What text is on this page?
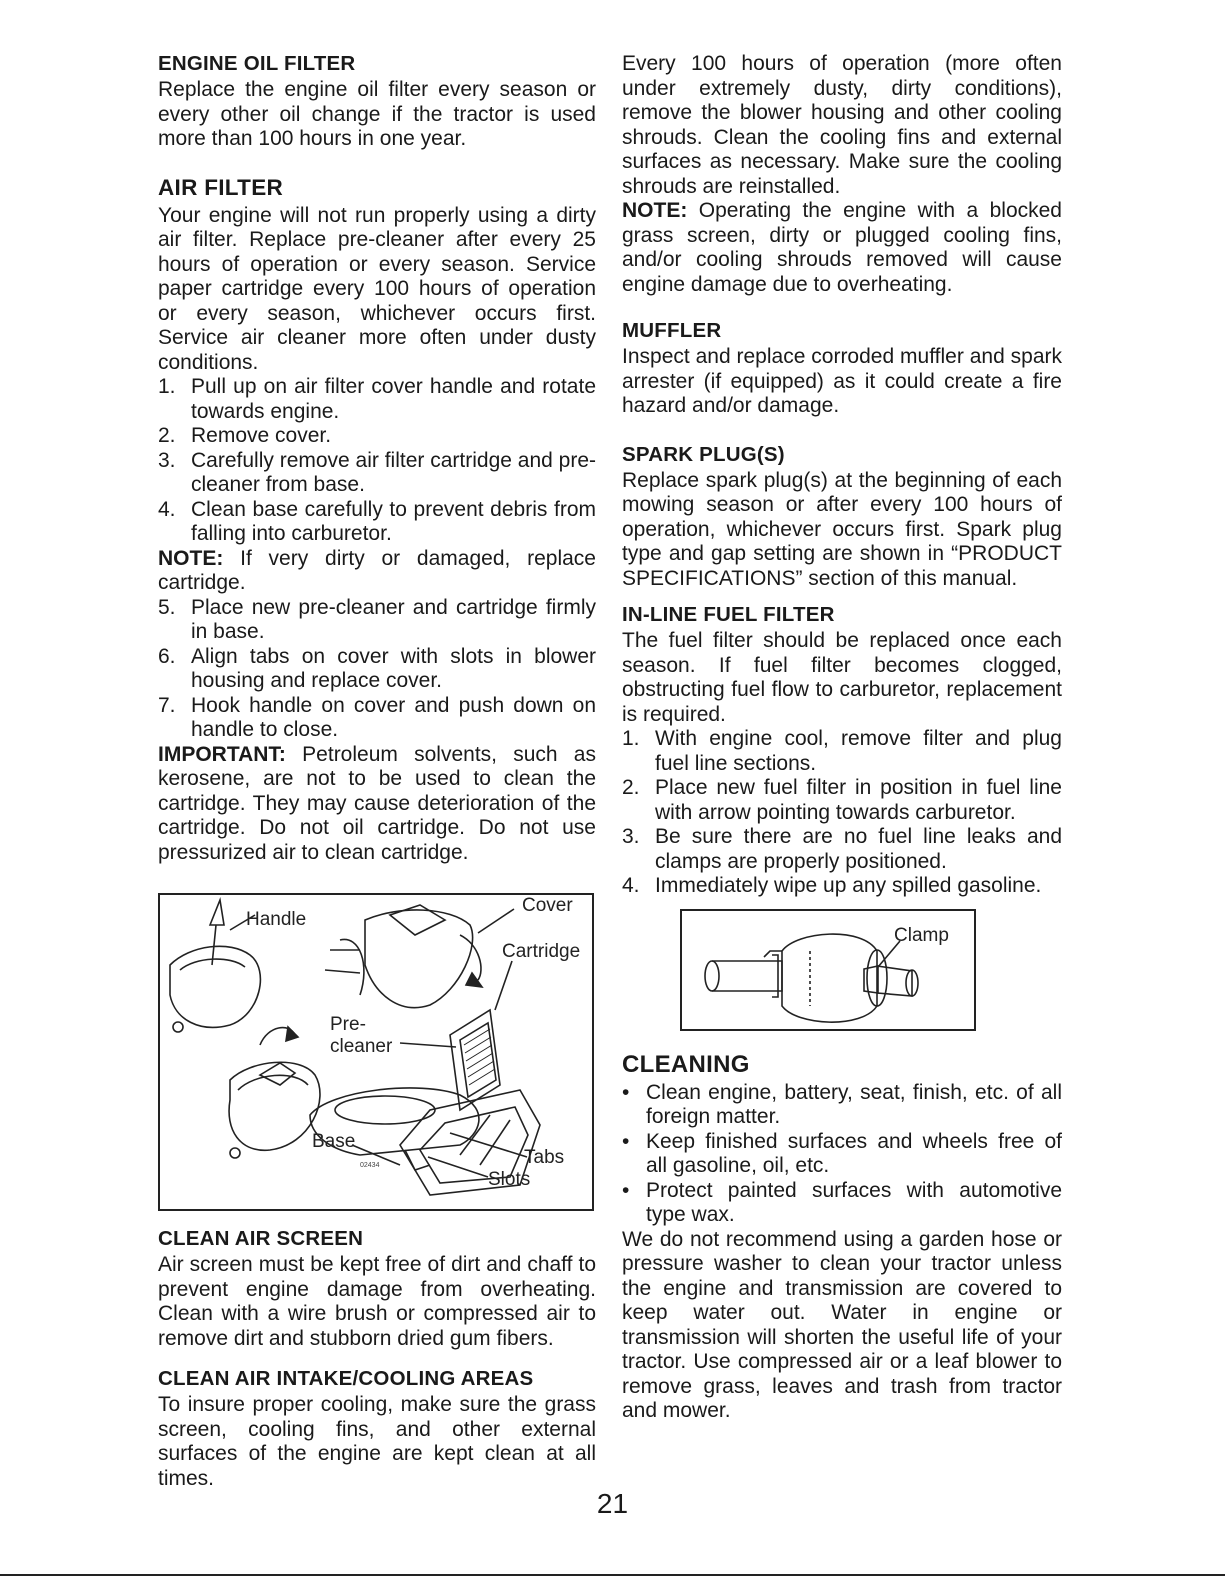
ENGINE OIL FILTER

Replace the engine oil filter every season or every other oil change if the tractor is used more than 100 hours in one year.

AIR FILTER

Your engine will not run properly using a dirty air filter. Replace pre-cleaner after every 25 hours of operation or every season. Service paper cartridge every 100 hours of operation or every season, whichever occurs first. Service air cleaner more often under dusty conditions.

1. Pull up on air filter cover handle and rotate towards engine.
2. Remove cover.
3. Carefully remove air filter cartridge and pre-cleaner from base.
4. Clean base carefully to prevent debris from falling into carburetor.

NOTE: If very dirty or damaged, replace cartridge.

5. Place new pre-cleaner and cartridge firmly in base.
6. Align tabs on cover with slots in blower housing and replace cover.
7. Hook handle on cover and push down on handle to close.

IMPORTANT: Petroleum solvents, such as kerosene, are not to be used to clean the cartridge. They may cause deterioration of the cartridge. Do not oil cartridge. Do not use pressurized air to clean cartridge.

Handle
Cover
Cartridge
Pre-
cleaner
Base
Tabs
Slots
02434
CLEAN AIR SCREEN

Air screen must be kept free of dirt and chaff to prevent engine damage from overheating. Clean with a wire brush or compressed air to remove dirt and stubborn dried gum fibers.

CLEAN AIR INTAKE/COOLING AREAS

To insure proper cooling, make sure the grass screen, cooling fins, and other external surfaces of the engine are kept clean at all times.

Every 100 hours of operation (more often under extremely dusty, dirty conditions), remove the blower housing and other cooling shrouds. Clean the cooling fins and external surfaces as necessary. Make sure the cooling shrouds are reinstalled.

NOTE: Operating the engine with a blocked grass screen, dirty or plugged cooling fins, and/or cooling shrouds removed will cause engine damage due to overheating.

MUFFLER

Inspect and replace corroded muffler and spark arrester (if equipped) as it could create a fire hazard and/or damage.

SPARK PLUG(S)

Replace spark plug(s) at the beginning of each mowing season or after every 100 hours of operation, whichever occurs first. Spark plug type and gap setting are shown in “PRODUCT SPECIFICATIONS” section of this manual.

IN-LINE FUEL FILTER

The fuel filter should be replaced once each season. If fuel filter becomes clogged, obstructing fuel flow to carburetor, replacement is required.

1. With engine cool, remove filter and plug fuel line sections.
2. Place new fuel filter in position in fuel line with arrow pointing towards carburetor.
3. Be sure there are no fuel line leaks and clamps are properly positioned.
4. Immediately wipe up any spilled gasoline.
Clamp
CLEANING
• Clean engine, battery, seat, finish, etc. of all foreign matter.
• Keep finished surfaces and wheels free of all gasoline, oil, etc.
• Protect painted surfaces with automotive type wax.

We do not recommend using a garden hose or pressure washer to clean your tractor unless the engine and transmission are covered to keep water out. Water in engine or transmission will shorten the useful life of your tractor. Use compressed air or a leaf blower to remove grass, leaves and trash from tractor and mower.

21
